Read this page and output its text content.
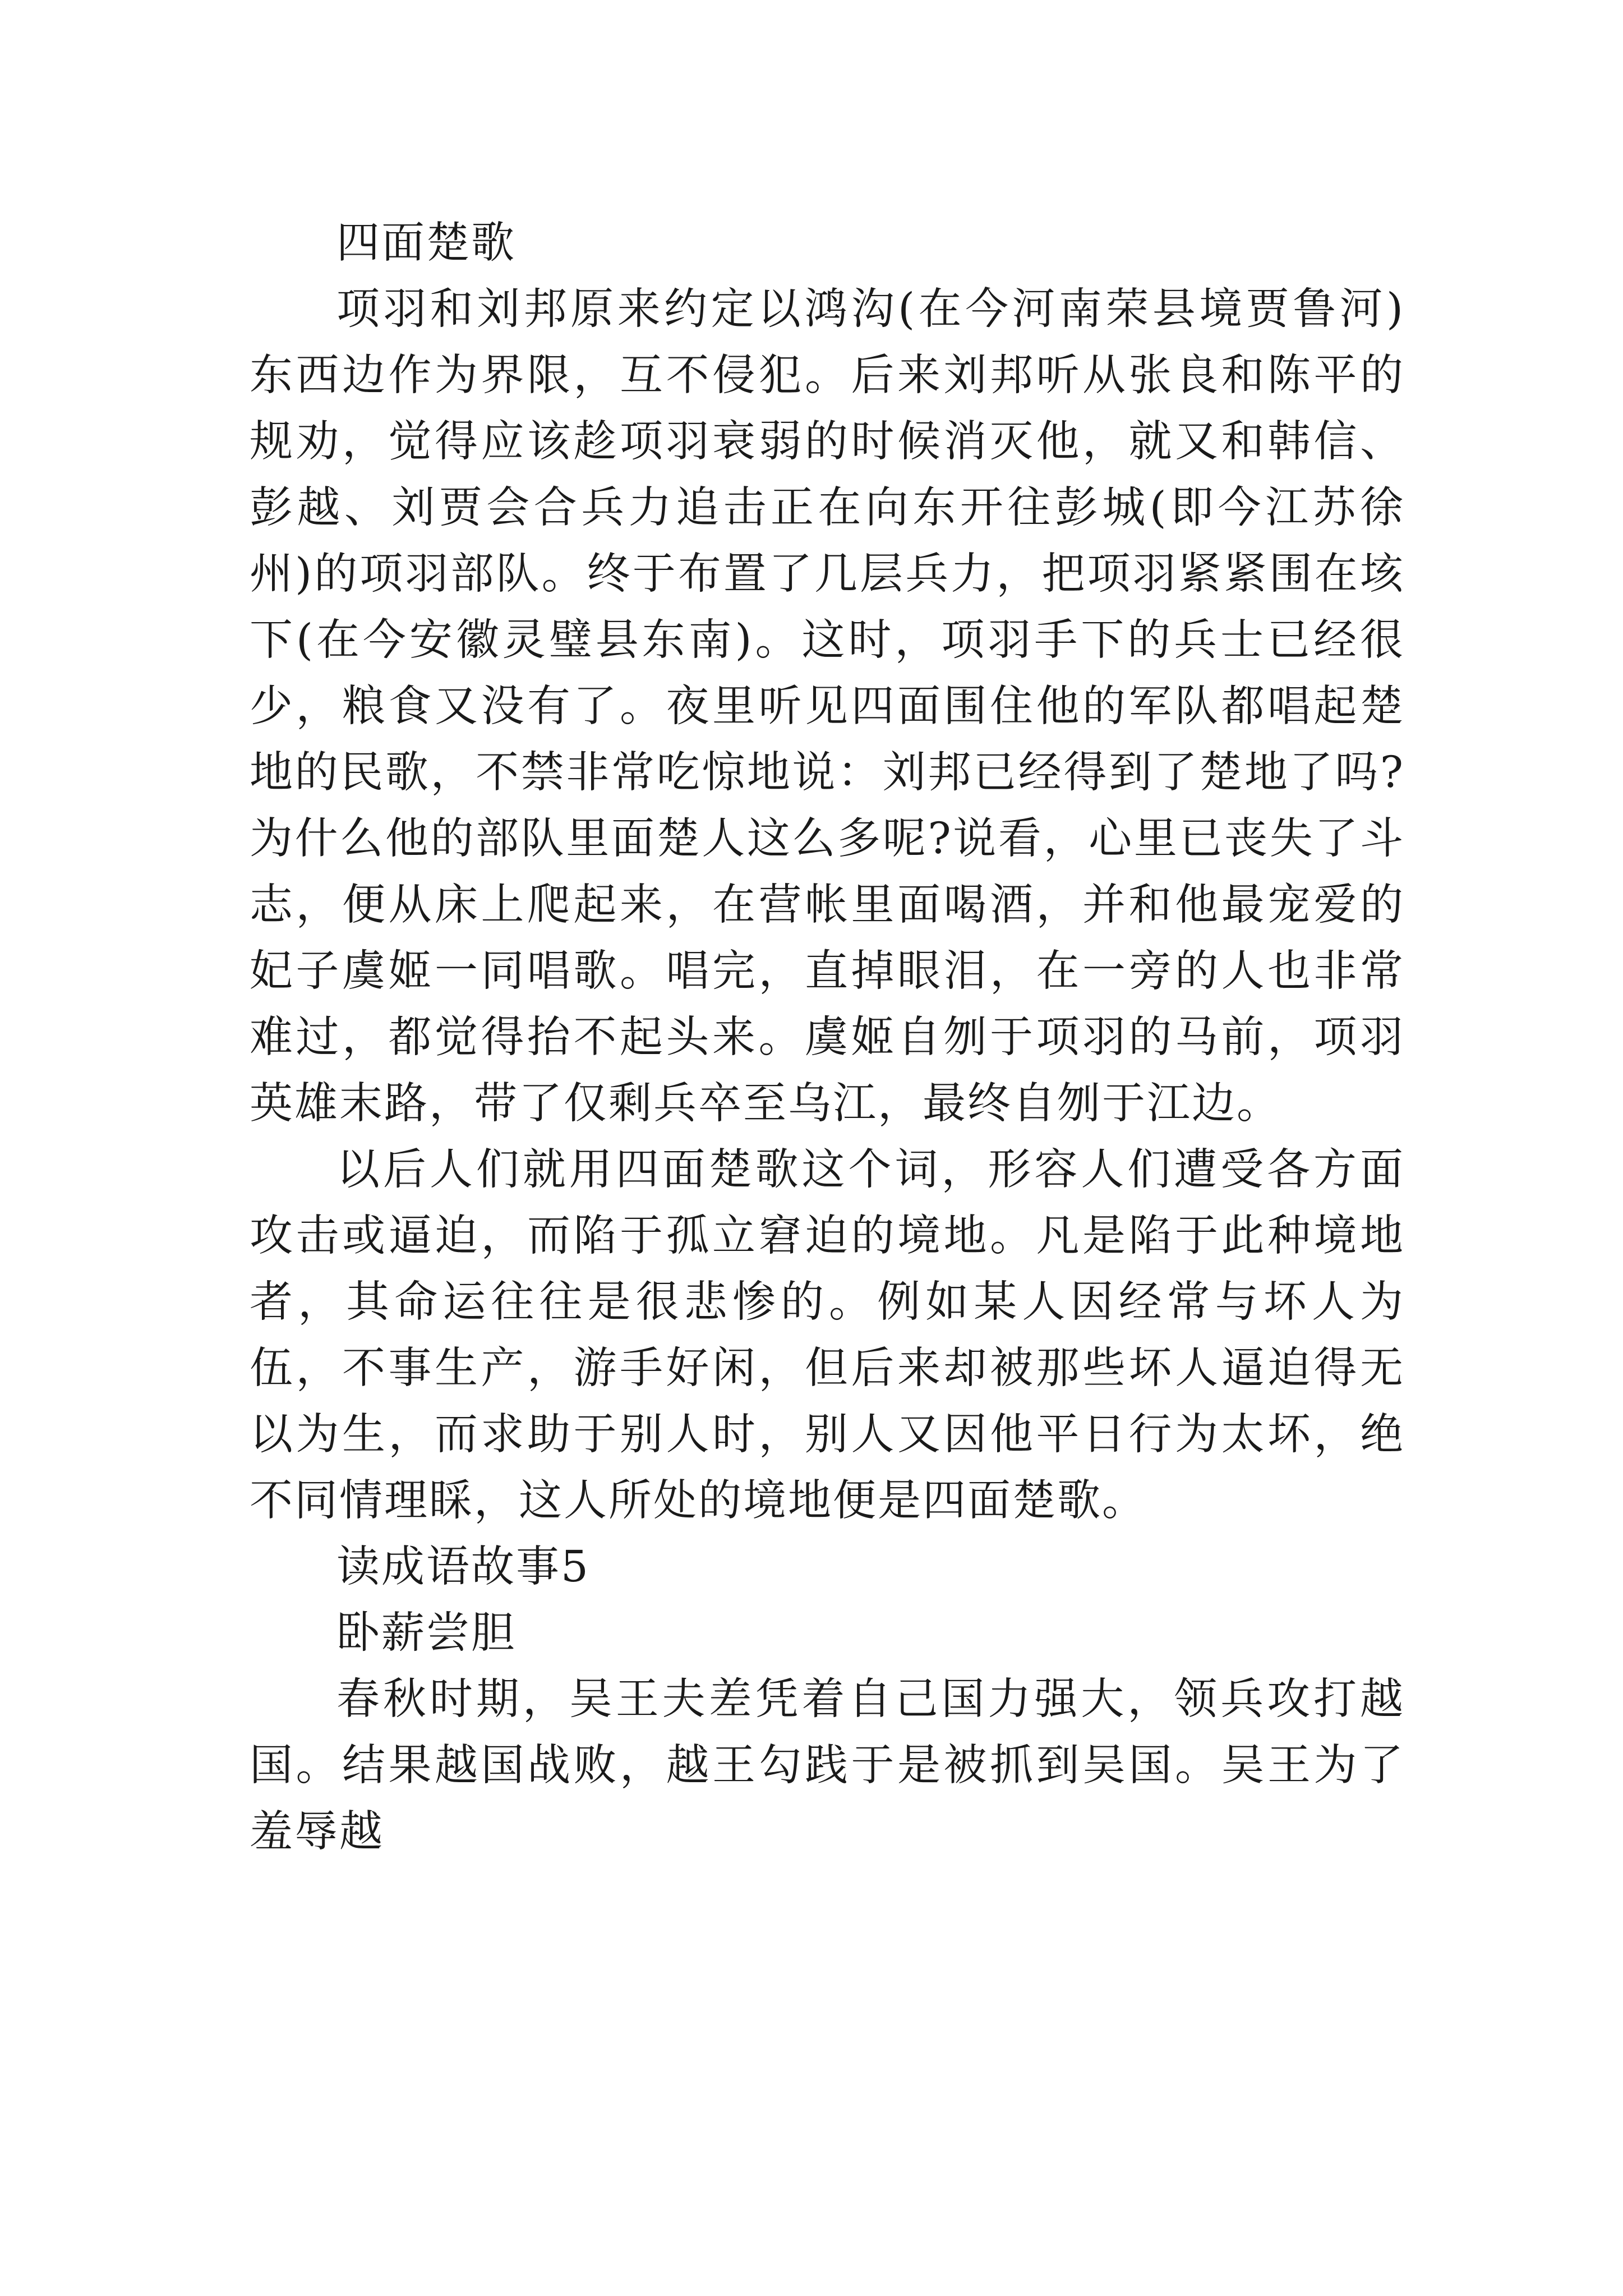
四面楚歌

项羽和刘邦原来约定以鸿沟(在今河南荣县境贾鲁河)东西边作为界限，互不侵犯。后来刘邦听从张良和陈平的规劝，觉得应该趁项羽衰弱的时候消灭他，就又和韩信、彭越、刘贾会合兵力追击正在向东开往彭城(即今江苏徐州)的项羽部队。终于布置了几层兵力，把项羽紧紧围在垓下(在今安徽灵璧县东南)。这时，项羽手下的兵士已经很少，粮食又没有了。夜里听见四面围住他的军队都唱起楚地的民歌，不禁非常吃惊地说：刘邦已经得到了楚地了吗?为什么他的部队里面楚人这么多呢?说看，心里已丧失了斗志，便从床上爬起来，在营帐里面喝酒，并和他最宠爱的妃子虞姬一同唱歌。唱完，直掉眼泪，在一旁的人也非常难过，都觉得抬不起头来。虞姬自刎于项羽的马前，项羽英雄末路，带了仅剩兵卒至乌江，最终自刎于江边。

以后人们就用四面楚歌这个词，形容人们遭受各方面攻击或逼迫，而陷于孤立窘迫的境地。凡是陷于此种境地者，其命运往往是很悲惨的。例如某人因经常与坏人为伍，不事生产，游手好闲，但后来却被那些坏人逼迫得无以为生，而求助于别人时，别人又因他平日行为太坏，绝不同情理睬，这人所处的境地便是四面楚歌。

读成语故事5

卧薪尝胆

春秋时期，吴王夫差凭着自己国力强大，领兵攻打越国。结果越国战败，越王勾践于是被抓到吴国。吴王为了羞辱越
